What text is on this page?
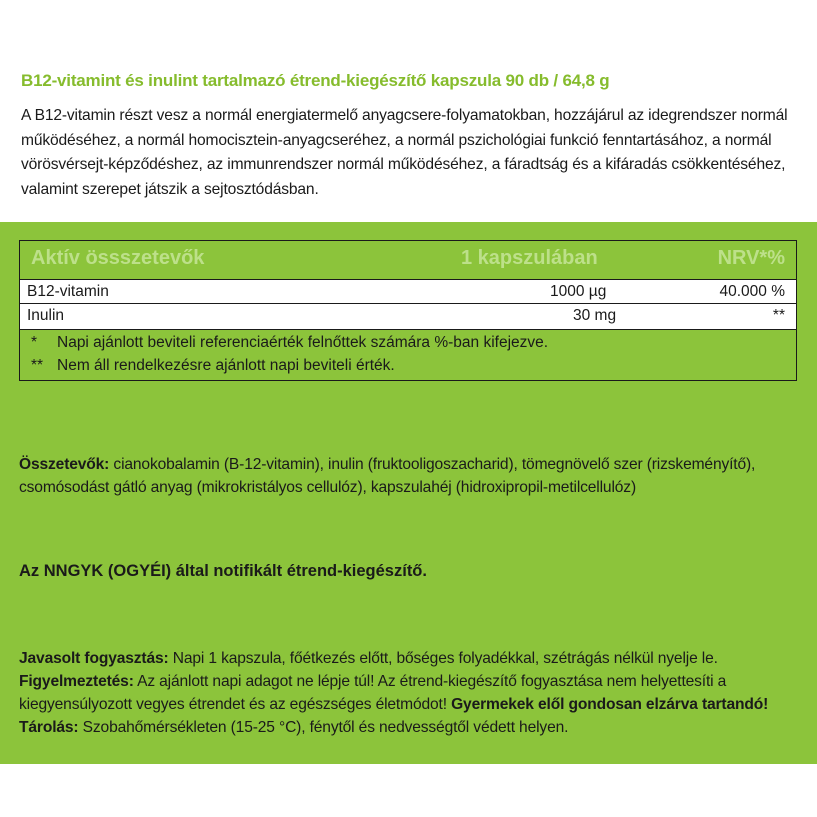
B12-vitamint és inulint tartalmazó étrend-kiegészítő kapszula 90 db / 64,8 g
A B12-vitamin részt vesz a normál energiatermelő anyagcsere-folyamatokban, hozzájárul az idegrendszer normál működéséhez, a normál homocisztein-anyagcseréhez, a normál pszichológiai funkció fenntartásához, a normál vörösvérsejt-képződéshez, az immunrendszer normál működéséhez, a fáradtság és a kifáradás csökkentéséhez, valamint szerepet játszik a sejtosztódásban.
Aktív össszetevők	1 kapszulában	NRV*%
B12-vitamin	1000 µg	40.000 %
Inulin	30 mg	**
* Napi ajánlott beviteli referenciaérték felnőttek számára %-ban kifejezve.
** Nem áll rendelkezésre ajánlott napi beviteli érték.
Összetevők: cianokobalamin (B-12-vitamin), inulin (fruktooligoszacharid), tömegnövelő szer (rizskeményítő), csomósodást gátló anyag (mikrokristályos cellulóz), kapszulahéj (hidroxipropil-metilcellulóz)
Az NNGYK (OGYÉI) által notifikált étrend-kiegészítő.
Javasolt fogyasztás: Napi 1 kapszula, főétkezés előtt, bőséges folyadékkal, szétrágás nélkül nyelje le.
Figyelmeztetés: Az ajánlott napi adagot ne lépje túl! Az étrend-kiegészítő fogyasztása nem helyettesíti a kiegyensúlyozott vegyes étrendet és az egészséges életmódot! Gyermekek elől gondosan elzárva tartandó!
Tárolás: Szobahőmérsékleten (15-25 °C), fénytől és nedvességtől védett helyen.
